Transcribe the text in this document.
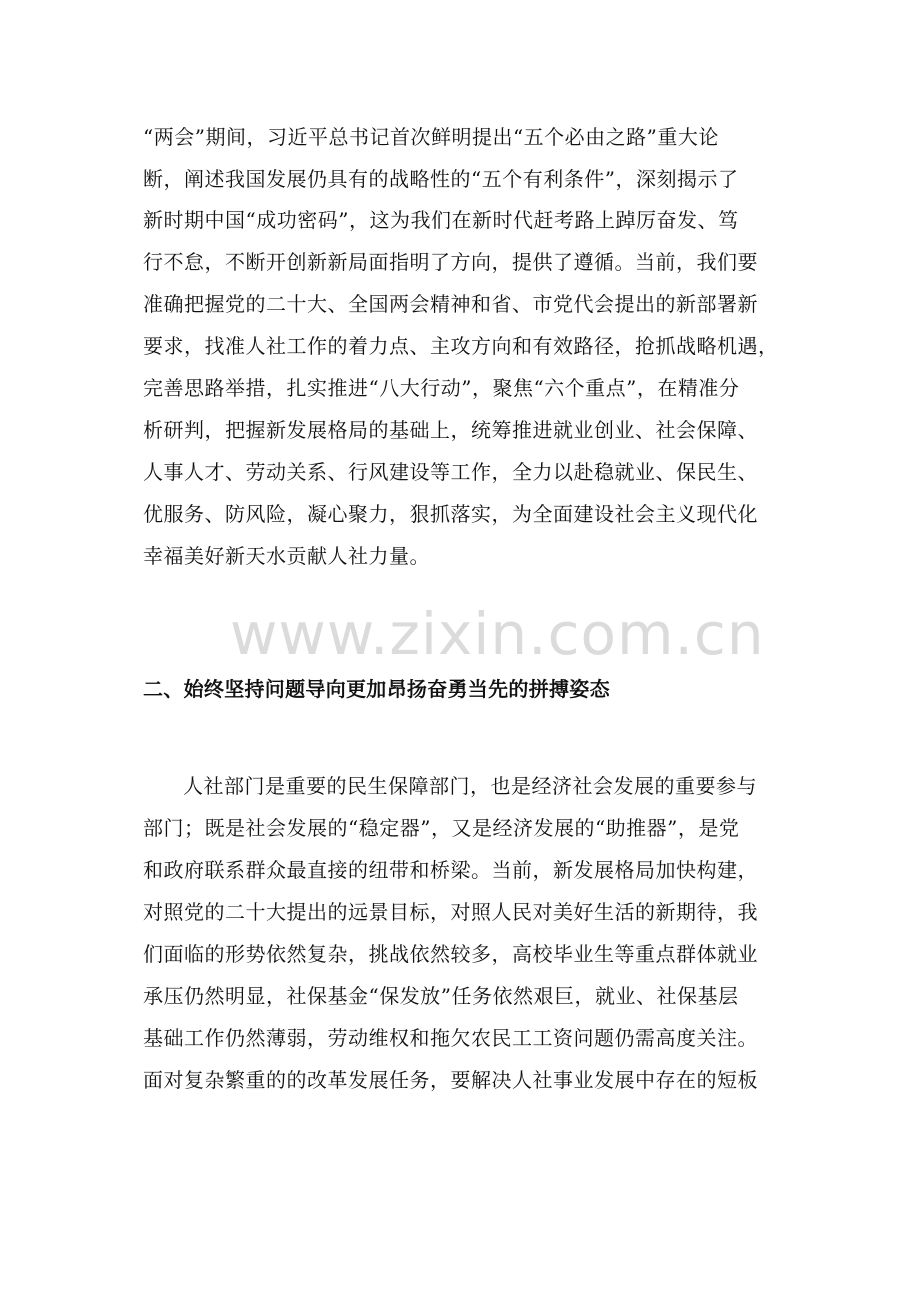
“两会”期间，习近平总书记首次鲜明提出“五个必由之路”重大论
断，阐述我国发展仍具有的战略性的“五个有利条件”，深刻揭示了
新时期中国“成功密码”，这为我们在新时代赶考路上踔厉奋发、笃
行不怠，不断开创新新局面指明了方向，提供了遵循。当前，我们要
准确把握党的二十大、全国两会精神和省、市党代会提出的新部署新
要求，找准人社工作的着力点、主攻方向和有效路径，抢抓战略机遇，
完善思路举措，扎实推进“八大行动”，聚焦“六个重点”，在精准分
析研判，把握新发展格局的基础上，统筹推进就业创业、社会保障、
人事人才、劳动关系、行风建设等工作，全力以赴稳就业、保民生、
优服务、防风险，凝心聚力，狠抓落实，为全面建设社会主义现代化
幸福美好新天水贡献人社力量。
www.zixin.com.cn
二、始终坚持问题导向更加昂扬奋勇当先的拼搏姿态
人社部门是重要的民生保障部门，也是经济社会发展的重要参与
部门；既是社会发展的“稳定器”，又是经济发展的“助推器”，是党
和政府联系群众最直接的纽带和桥梁。当前，新发展格局加快构建，
对照党的二十大提出的远景目标，对照人民对美好生活的新期待，我
们面临的形势依然复杂，挑战依然较多，高校毕业生等重点群体就业
承压仍然明显，社保基金“保发放”任务依然艰巨，就业、社保基层
基础工作仍然薄弱，劳动维权和拖欠农民工工资问题仍需高度关注。
面对复杂繁重的的改革发展任务，要解决人社事业发展中存在的短板
